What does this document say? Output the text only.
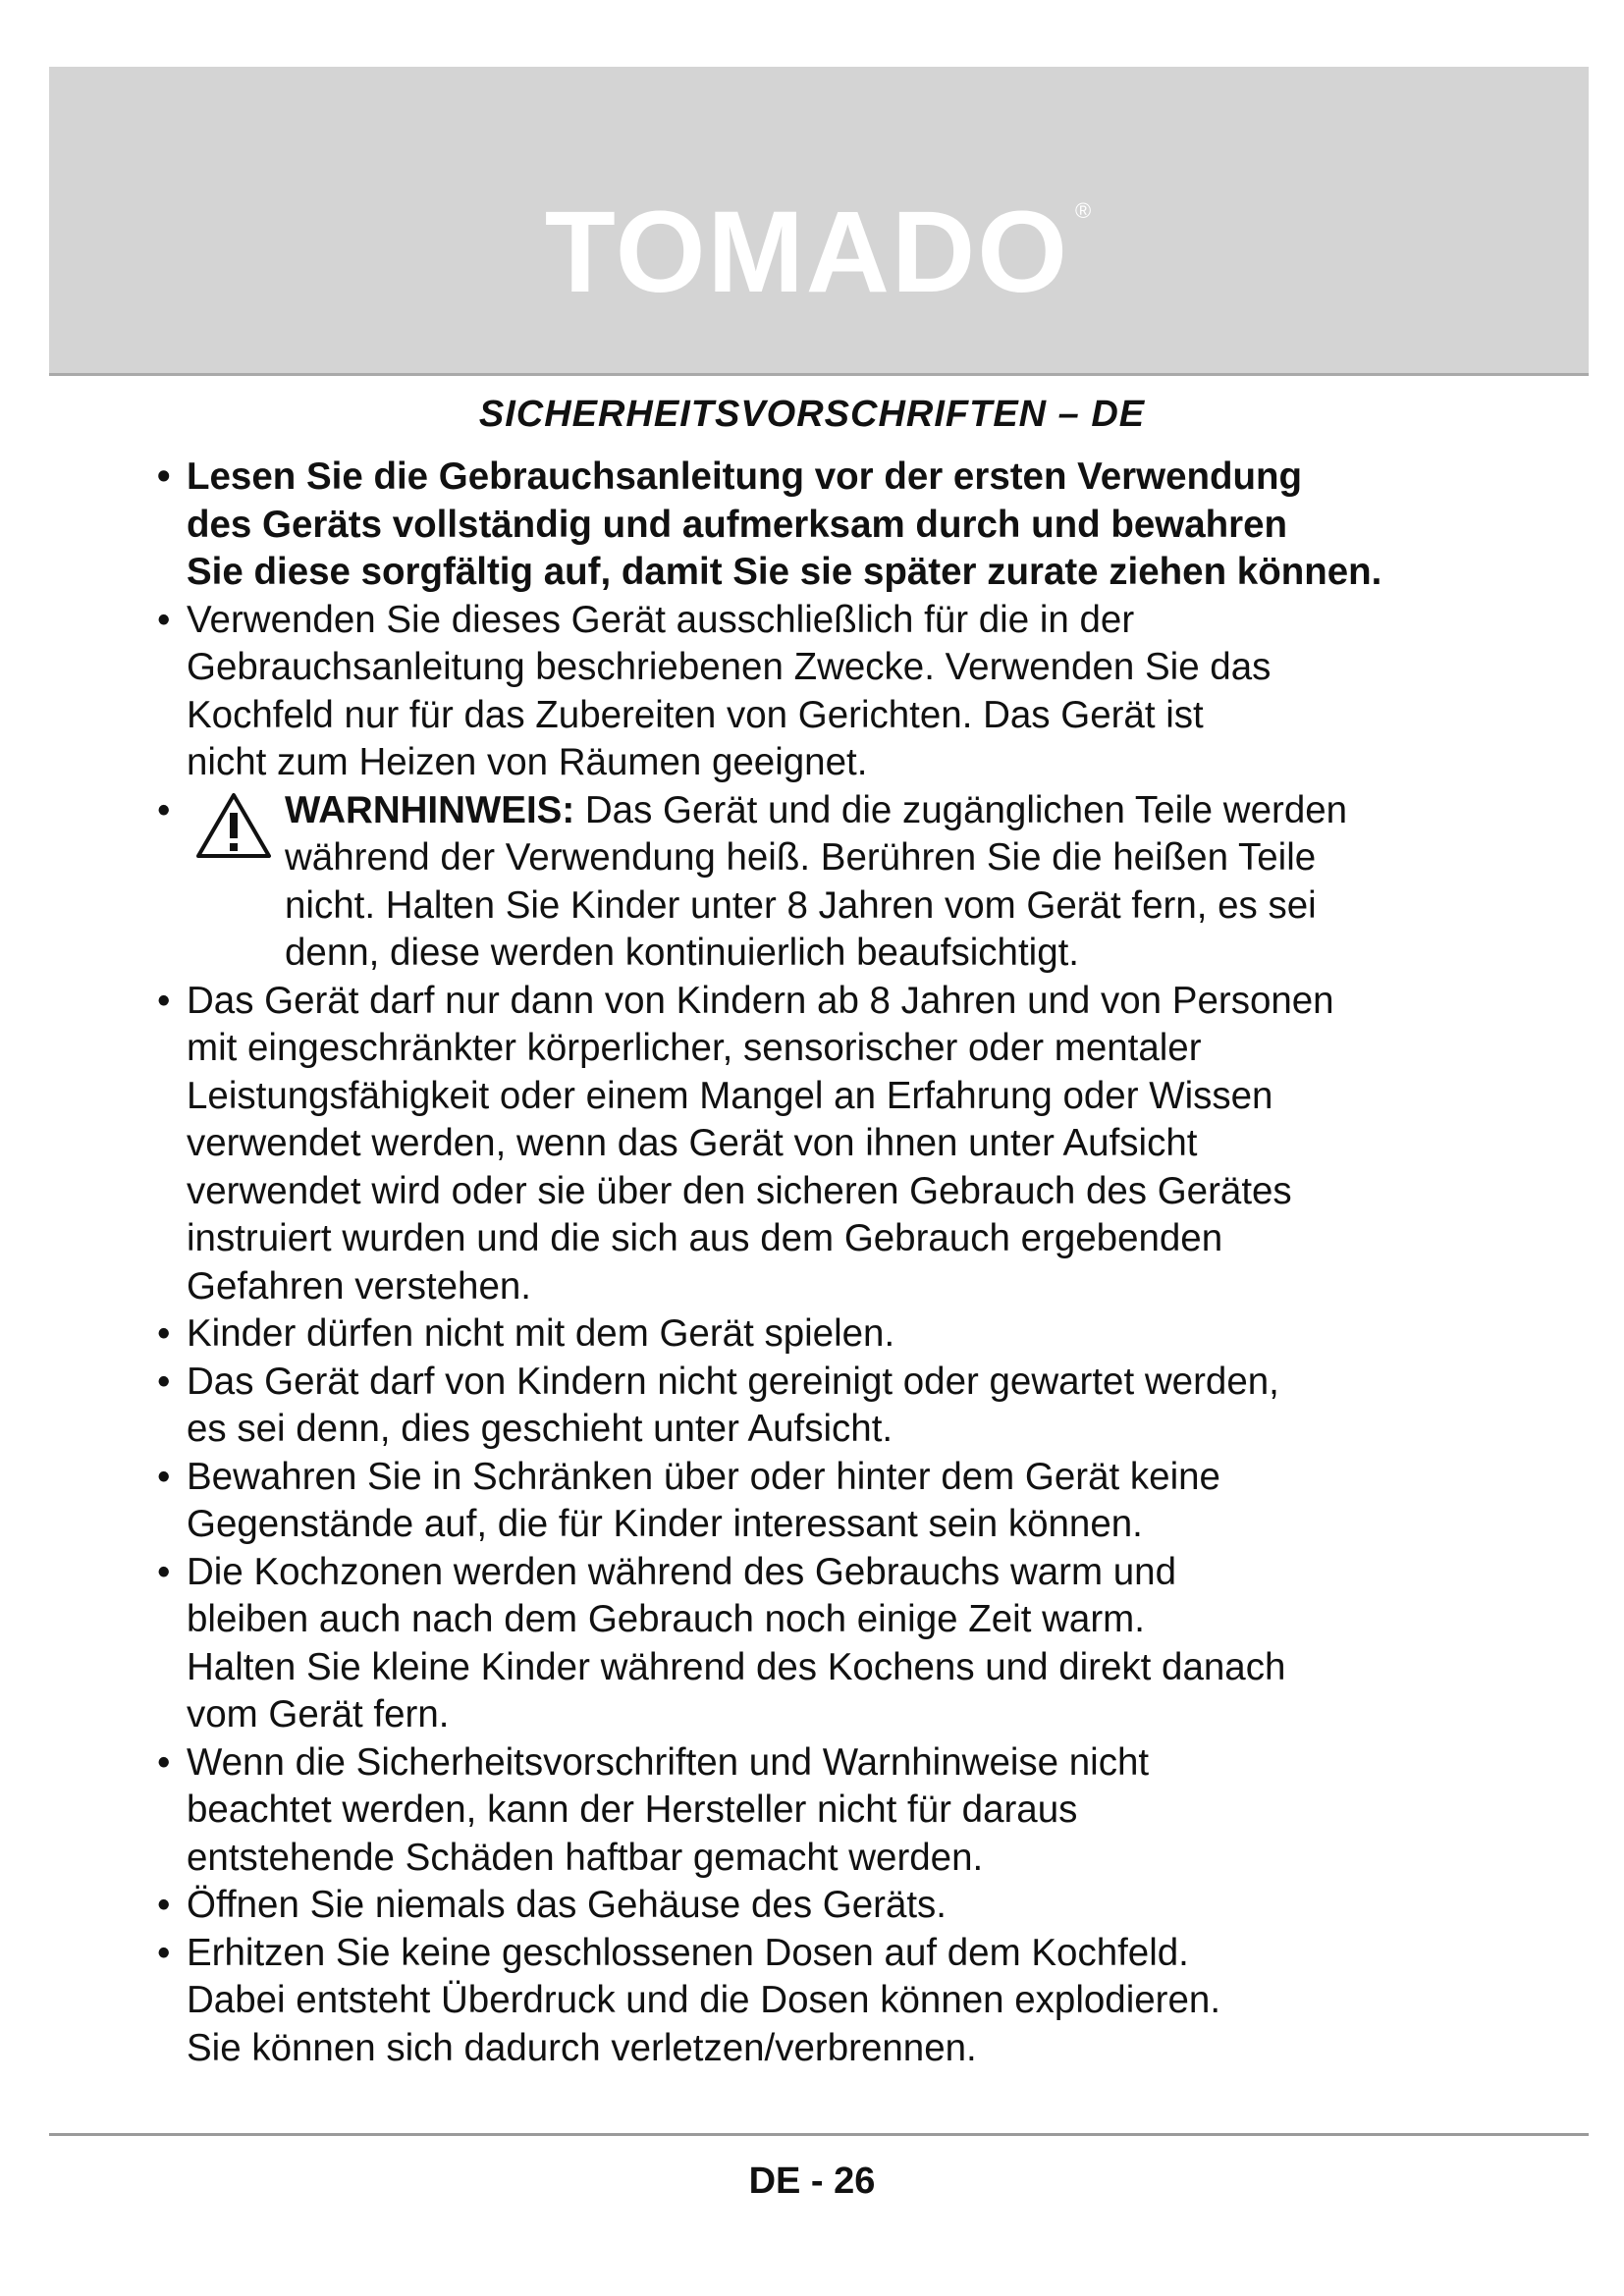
TOMADO ®
SICHERHEITSVORSCHRIFTEN – DE
• Lesen Sie die Gebrauchsanleitung vor der ersten Verwendung
des Geräts vollständig und aufmerksam durch und bewahren
Sie diese sorgfältig auf, damit Sie sie später zurate ziehen können.
• Verwenden Sie dieses Gerät ausschließlich für die in der
Gebrauchsanleitung beschriebenen Zwecke. Verwenden Sie das
Kochfeld nur für das Zubereiten von Gerichten. Das Gerät ist
nicht zum Heizen von Räumen geeignet.
• WARNHINWEIS: Das Gerät und die zugänglichen Teile werden
während der Verwendung heiß. Berühren Sie die heißen Teile
nicht. Halten Sie Kinder unter 8 Jahren vom Gerät fern, es sei
denn, diese werden kontinuierlich beaufsichtigt.
• Das Gerät darf nur dann von Kindern ab 8 Jahren und von Personen
mit eingeschränkter körperlicher, sensorischer oder mentaler
Leistungsfähigkeit oder einem Mangel an Erfahrung oder Wissen
verwendet werden, wenn das Gerät von ihnen unter Aufsicht
verwendet wird oder sie über den sicheren Gebrauch des Gerätes
instruiert wurden und die sich aus dem Gebrauch ergebenden
Gefahren verstehen.
• Kinder dürfen nicht mit dem Gerät spielen.
• Das Gerät darf von Kindern nicht gereinigt oder gewartet werden,
es sei denn, dies geschieht unter Aufsicht.
• Bewahren Sie in Schränken über oder hinter dem Gerät keine
Gegenstände auf, die für Kinder interessant sein können.
• Die Kochzonen werden während des Gebrauchs warm und
bleiben auch nach dem Gebrauch noch einige Zeit warm.
Halten Sie kleine Kinder während des Kochens und direkt danach
vom Gerät fern.
• Wenn die Sicherheitsvorschriften und Warnhinweise nicht
beachtet werden, kann der Hersteller nicht für daraus
entstehende Schäden haftbar gemacht werden.
• Öffnen Sie niemals das Gehäuse des Geräts.
• Erhitzen Sie keine geschlossenen Dosen auf dem Kochfeld.
Dabei entsteht Überdruck und die Dosen können explodieren.
Sie können sich dadurch verletzen/verbrennen.
DE - 26
